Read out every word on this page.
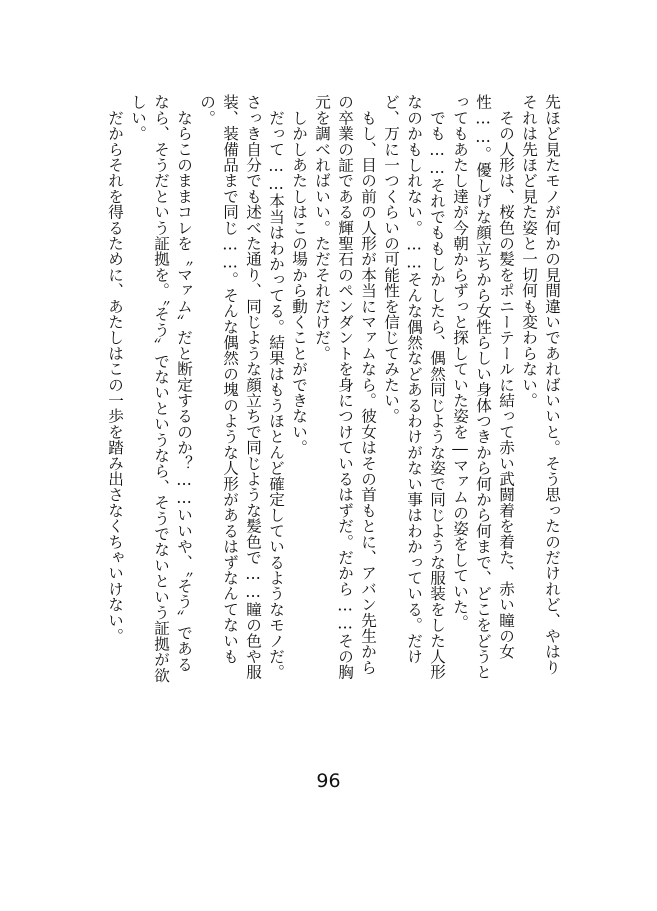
先ほど見たモノが何かの見間違いであればいいと。そう思ったのだけれど、やはりそれは先ほど見た姿と一切何も変わらない。

　その人形は、桜色の髪をポニーテールに結って赤い武闘着を着た、赤い瞳の女性……。優しげな顔立ちから女性らしい身体つきから何から何まで、どこをどうとってもあたし達が今朝からずっと探していた姿を―マァムの姿をしていた。

　でも……それでももしかしたら、偶然同じような姿で同じような服装をした人形なのかもしれない。……そんな偶然などあるわけがない事はわかっている。だけど、万に一つくらいの可能性を信じてみたい。

　もし、目の前の人形が本当にマァムなら。彼女はその首もとに、アバン先生からの卒業の証である輝聖石のペンダントを身につけているはずだ。だから……その胸元を調べればいい。ただそれだけだ。

　しかしあたしはこの場から動くことができない。

　だって……本当はわかってる。結果はもうほとんど確定しているようなモノだ。さっき自分でも述べた通り、同じような顔立ちで同じような髪色で……瞳の色や服装、装備品まで同じ……。そんな偶然の塊のような人形があるはずなんてないもの。

　ならこのままコレを〝マァム〟だと断定するのか？……いいや、〝そう〟であるなら、そうだという証拠を。〝そう〟でないというなら、そうでないという証拠が欲しい。

　だからそれを得るために、あたしはこの一歩を踏み出さなくちゃいけない。

96
